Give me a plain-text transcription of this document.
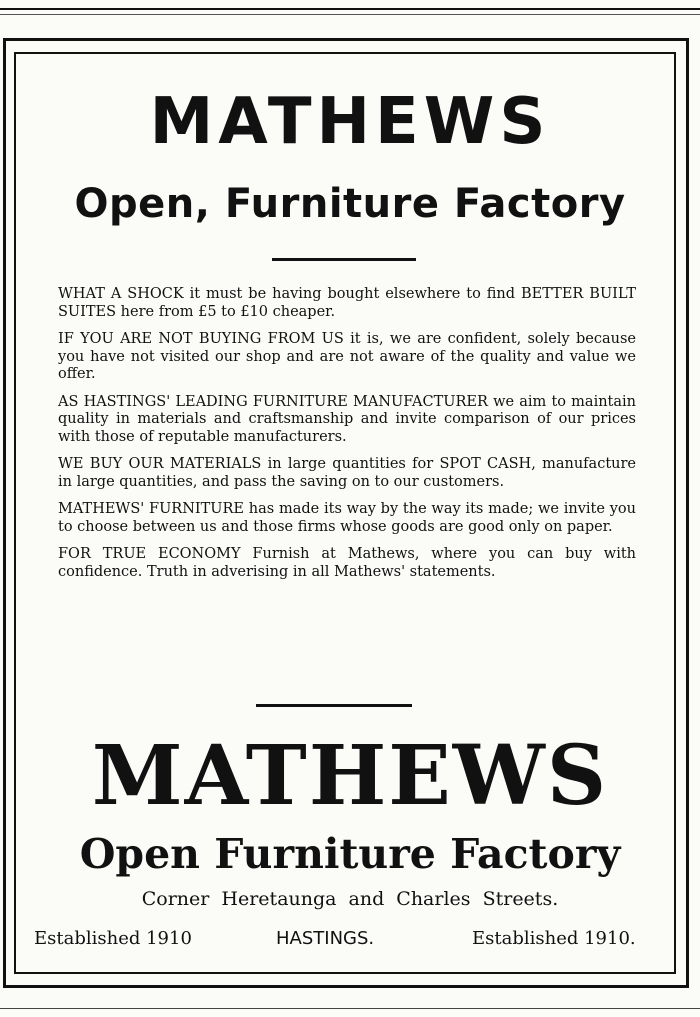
MATHEWS
Open, Furniture Factory

WHAT A SHOCK it must be having bought elsewhere to find BETTER BUILT SUITES here from £5 to £10 cheaper.

IF YOU ARE NOT BUYING FROM US it is, we are confident, solely because you have not visited our shop and are not aware of the quality and value we offer.

AS HASTINGS' LEADING FURNITURE MANUFACTURER we aim to maintain quality in materials and craftsmanship and invite comparison of our prices with those of reputable manufacturers.

WE BUY OUR MATERIALS in large quantities for SPOT CASH, manufacture in large quantities, and pass the saving on to our customers.

MATHEWS' FURNITURE has made its way by the way its made; we invite you to choose between us and those firms whose goods are good only on paper.

FOR TRUE ECONOMY Furnish at Mathews, where you can buy with confidence. Truth in adverising in all Mathews' statements.

MATHEWS
Open Furniture Factory
Corner Heretaunga and Charles Streets.
Established 1910	HASTINGS.	Established 1910.
